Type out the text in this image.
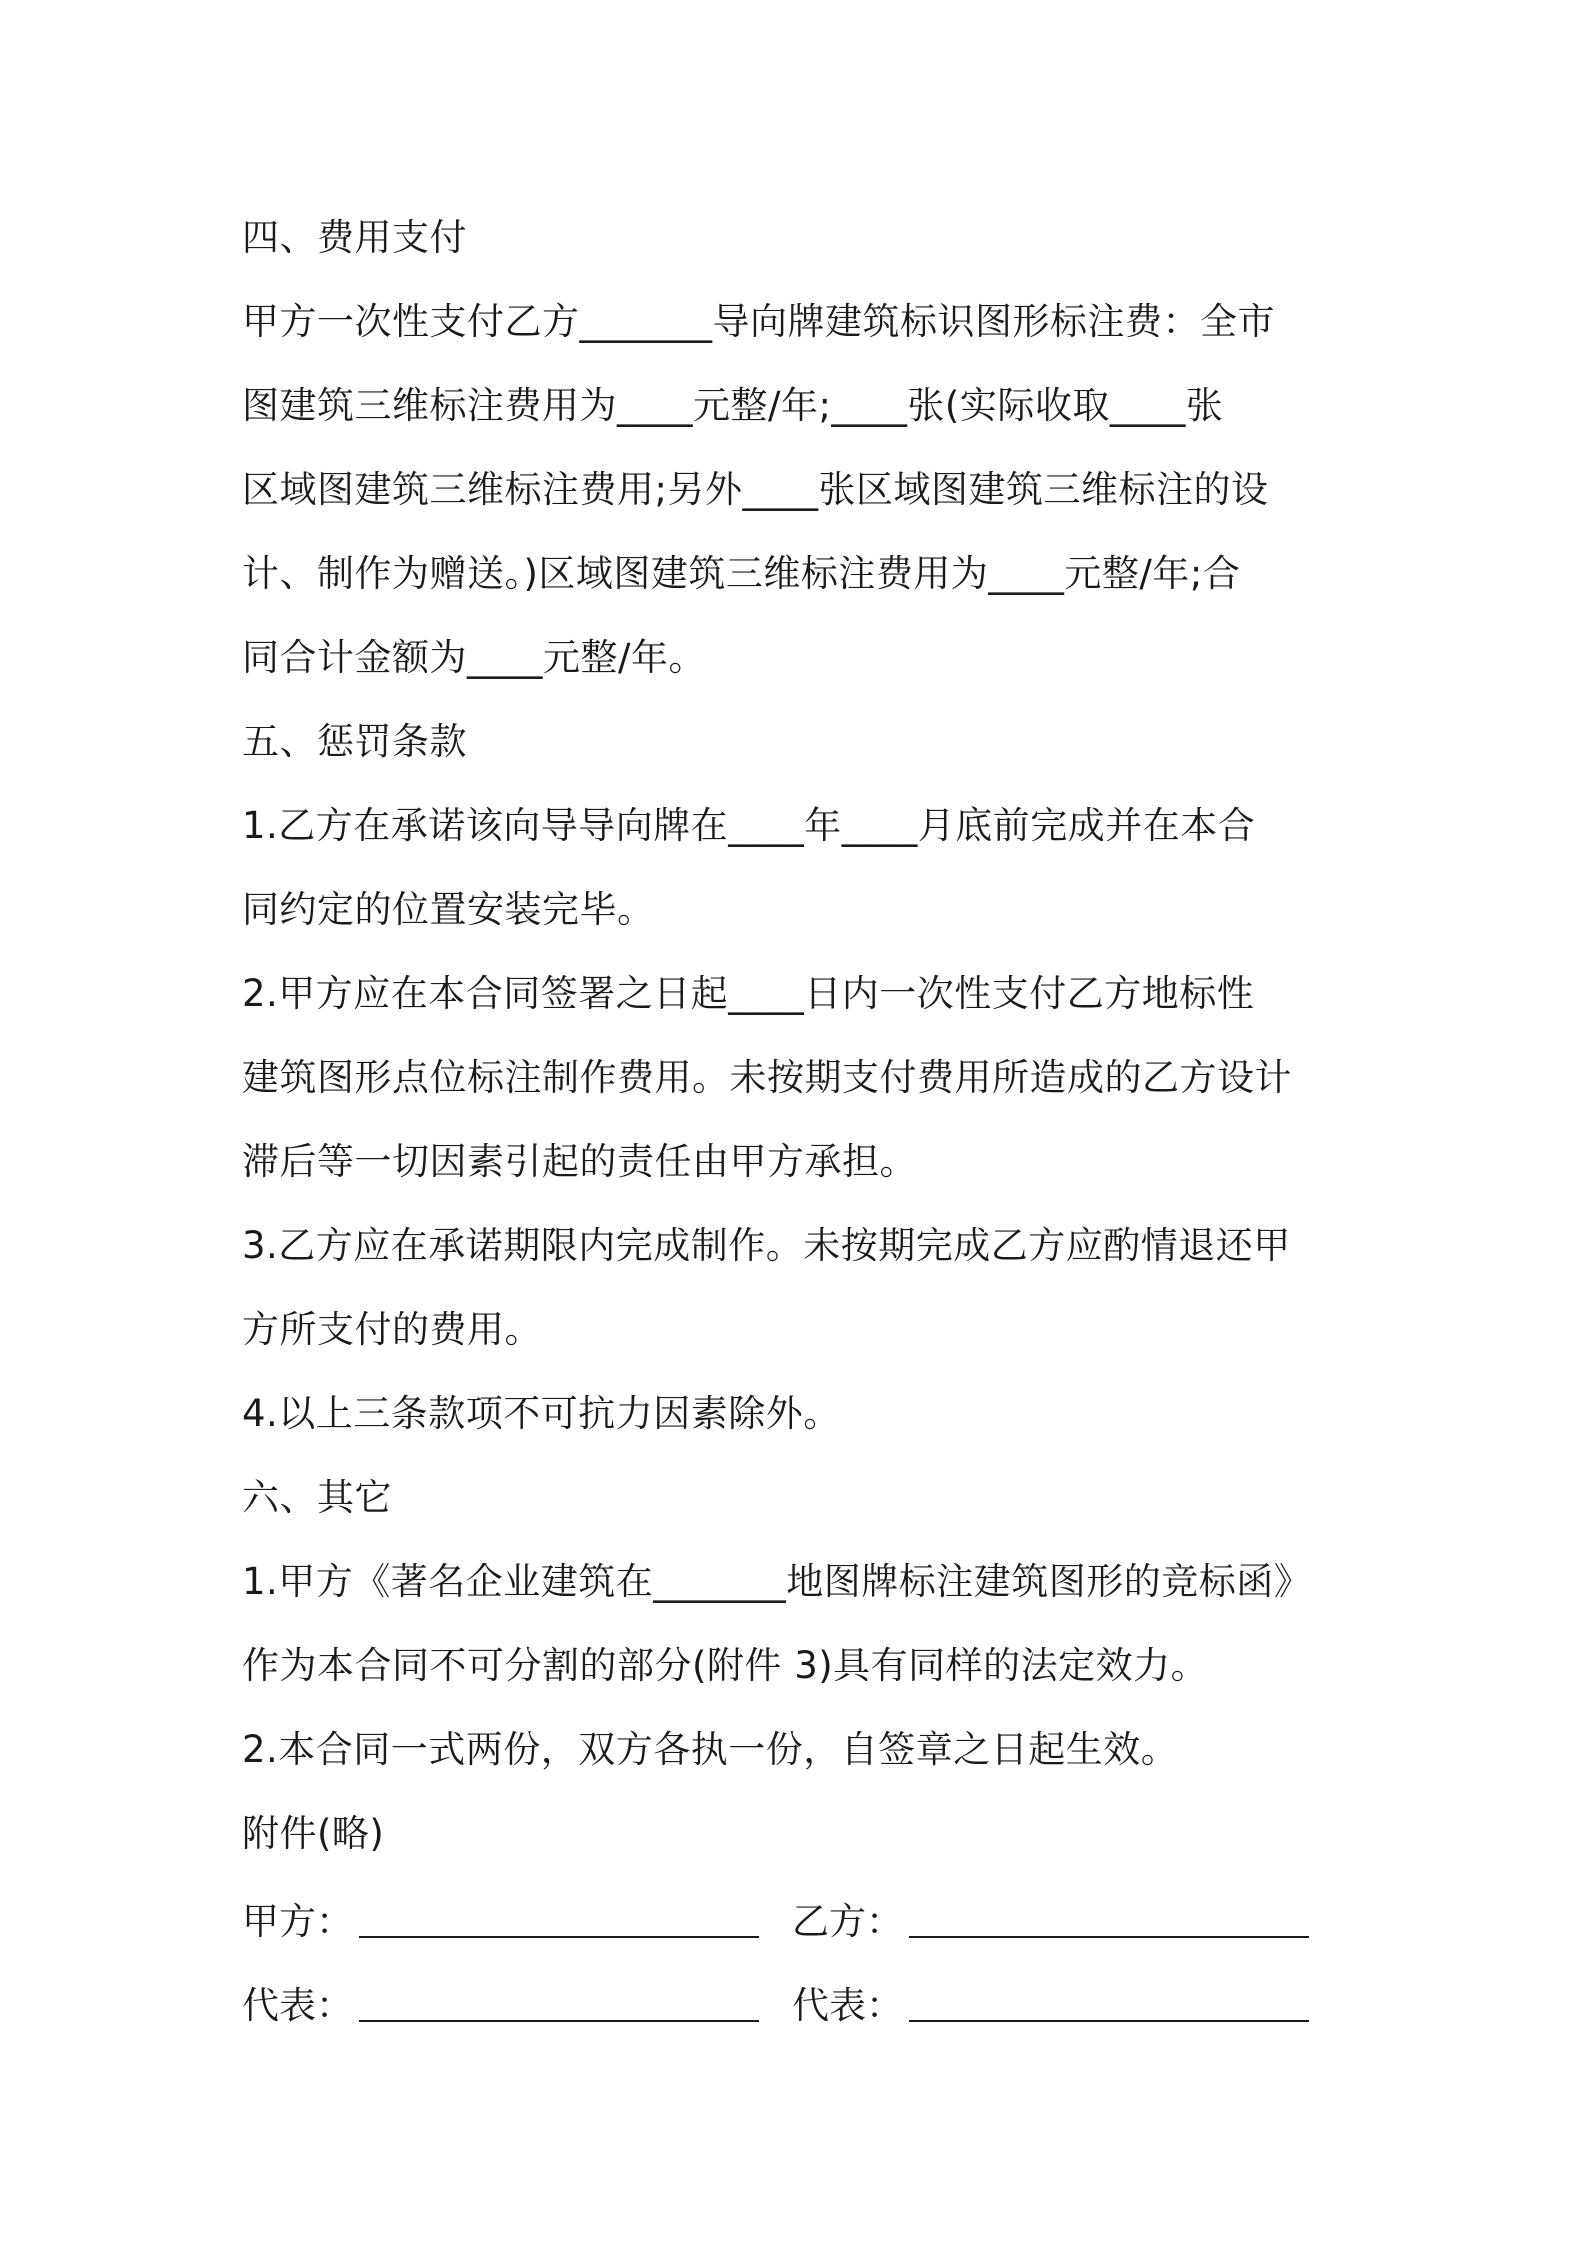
四、费用支付

甲方一次性支付乙方_______导向牌建筑标识图形标注费：全市

图建筑三维标注费用为____元整/年;____张(实际收取____张

区域图建筑三维标注费用;另外____张区域图建筑三维标注的设

计、制作为赠送。)区域图建筑三维标注费用为____元整/年;合

同合计金额为____元整/年。

五、惩罚条款

1.乙方在承诺该向导导向牌在____年____月底前完成并在本合

同约定的位置安装完毕。

2.甲方应在本合同签署之日起____日内一次性支付乙方地标性

建筑图形点位标注制作费用。未按期支付费用所造成的乙方设计

滞后等一切因素引起的责任由甲方承担。

3.乙方应在承诺期限内完成制作。未按期完成乙方应酌情退还甲

方所支付的费用。

4.以上三条款项不可抗力因素除外。

六、其它

1.甲方《著名企业建筑在_______地图牌标注建筑图形的竞标函》

作为本合同不可分割的部分(附件 3)具有同样的法定效力。

2.本合同一式两份，双方各执一份，自签章之日起生效。

附件(略)

甲方：	乙方：
代表：	代表：
